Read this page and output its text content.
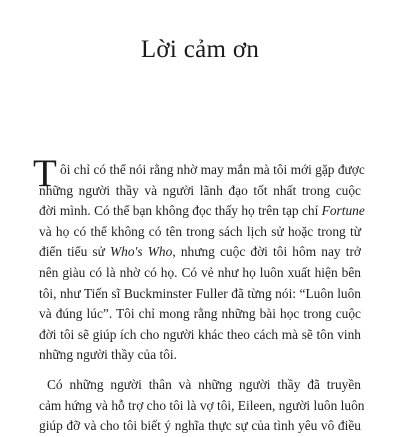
Lời cảm ơn
T ôi chỉ có thể nói rằng nhờ may mắn mà tôi mới gặp được
những người thầy và người lãnh đạo tốt nhất trong cuộc
đời mình. Có thể bạn không đọc thấy họ trên tạp chí Fortune
và họ có thể không có tên trong sách lịch sử hoặc trong từ
điển tiểu sử Who's Who, nhưng cuộc đời tôi hôm nay trở
nên giàu có là nhờ có họ. Có vẻ như họ luôn xuất hiện bên
tôi, như Tiến sĩ Buckminster Fuller đã từng nói: “Luôn luôn
và đúng lúc”. Tôi chỉ mong rằng những bài học trong cuộc
đời tôi sẽ giúp ích cho người khác theo cách mà sẽ tôn vinh
những người thầy của tôi.
Có những người thân và những người thầy đã truyền
cảm hứng và hỗ trợ cho tôi là vợ tôi, Eileen, người luôn luôn
giúp đỡ và cho tôi biết ý nghĩa thực sự của tình yêu vô điều
